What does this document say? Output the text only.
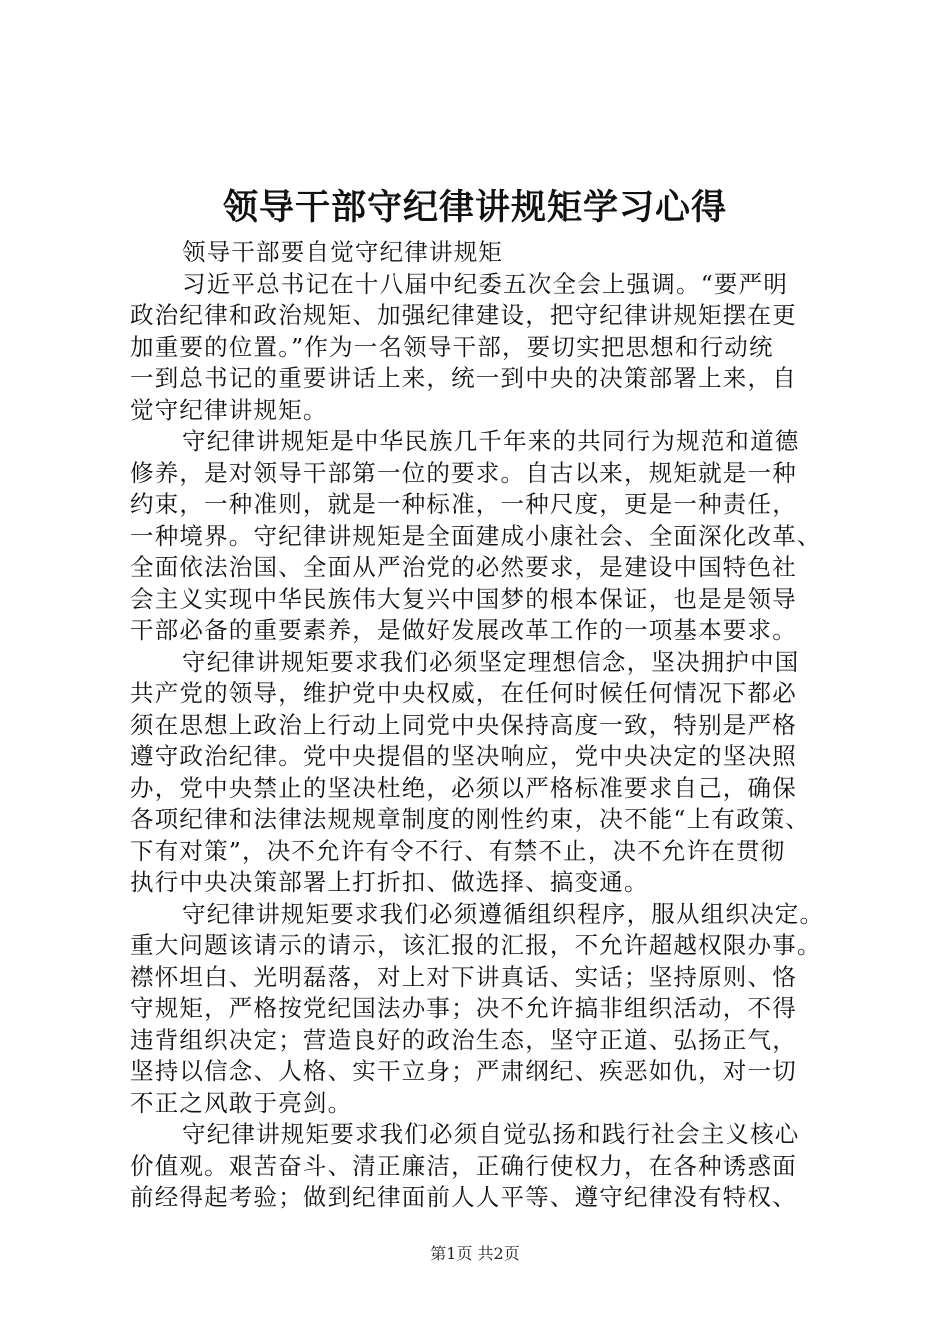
领导干部守纪律讲规矩学习心得
领导干部要自觉守纪律讲规矩
习近平总书记在十八届中纪委五次全会上强调。“要严明
政治纪律和政治规矩、加强纪律建设，把守纪律讲规矩摆在更
加重要的位置。”作为一名领导干部，要切实把思想和行动统
一到总书记的重要讲话上来，统一到中央的决策部署上来，自
觉守纪律讲规矩。
守纪律讲规矩是中华民族几千年来的共同行为规范和道德
修养，是对领导干部第一位的要求。自古以来，规矩就是一种
约束，一种准则，就是一种标准，一种尺度，更是一种责任，
一种境界。守纪律讲规矩是全面建成小康社会、全面深化改革、
全面依法治国、全面从严治党的必然要求，是建设中国特色社
会主义实现中华民族伟大复兴中国梦的根本保证，也是是领导
干部必备的重要素养，是做好发展改革工作的一项基本要求。
守纪律讲规矩要求我们必须坚定理想信念，坚决拥护中国
共产党的领导，维护党中央权威，在任何时候任何情况下都必
须在思想上政治上行动上同党中央保持高度一致，特别是严格
遵守政治纪律。党中央提倡的坚决响应，党中央决定的坚决照
办，党中央禁止的坚决杜绝，必须以严格标准要求自己，确保
各项纪律和法律法规规章制度的刚性约束，决不能“上有政策、
下有对策”，决不允许有令不行、有禁不止，决不允许在贯彻
执行中央决策部署上打折扣、做选择、搞变通。
守纪律讲规矩要求我们必须遵循组织程序，服从组织决定。
重大问题该请示的请示，该汇报的汇报，不允许超越权限办事。
襟怀坦白、光明磊落，对上对下讲真话、实话；坚持原则、恪
守规矩，严格按党纪国法办事；决不允许搞非组织活动，不得
违背组织决定；营造良好的政治生态，坚守正道、弘扬正气，
坚持以信念、人格、实干立身；严肃纲纪、疾恶如仇，对一切
不正之风敢于亮剑。
守纪律讲规矩要求我们必须自觉弘扬和践行社会主义核心
价值观。艰苦奋斗、清正廉洁，正确行使权力，在各种诱惑面
前经得起考验；做到纪律面前人人平等、遵守纪律没有特权、
第1页 共2页
